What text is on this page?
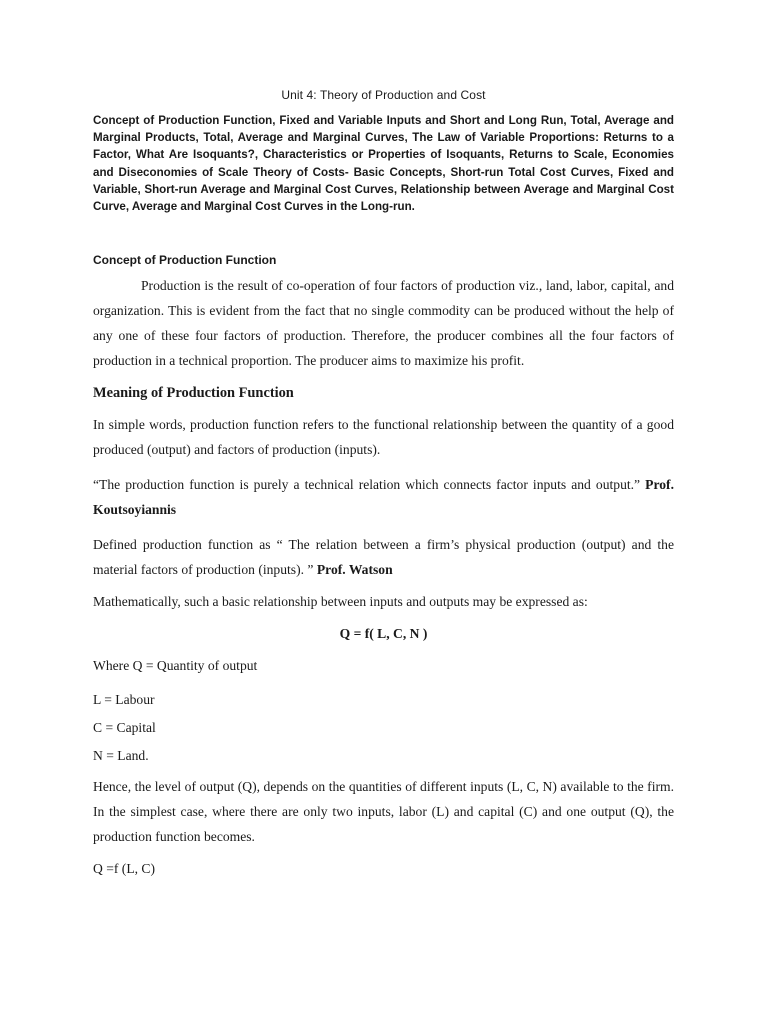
Unit 4: Theory of Production and Cost

Concept of Production Function, Fixed and Variable Inputs and Short and Long Run, Total, Average and Marginal Products, Total, Average and Marginal Curves, The Law of Variable Proportions: Returns to a Factor, What Are Isoquants?, Characteristics or Properties of Isoquants, Returns to Scale, Economies and Diseconomies of Scale Theory of Costs- Basic Concepts, Short-run Total Cost Curves, Fixed and Variable, Short-run Average and Marginal Cost Curves, Relationship between Average and Marginal Cost Curve, Average and Marginal Cost Curves in the Long-run.

Concept of Production Function

Production is the result of co-operation of four factors of production viz., land, labor, capital, and organization. This is evident from the fact that no single commodity can be produced without the help of any one of these four factors of production. Therefore, the producer combines all the four factors of production in a technical proportion. The producer aims to maximize his profit.

Meaning of Production Function

In simple words, production function refers to the functional relationship between the quantity of a good produced (output) and factors of production (inputs).

“The production function is purely a technical relation which connects factor inputs and output.” Prof. Koutsoyiannis

Defined production function as “ The relation between a firm’s physical production (output) and the material factors of production (inputs). ” Prof. Watson

Mathematically, such a basic relationship between inputs and outputs may be expressed as:

Q = f( L, C, N )

Where Q = Quantity of output

L = Labour

C = Capital

N = Land.

Hence, the level of output (Q), depends on the quantities of different inputs (L, C, N) available to the firm. In the simplest case, where there are only two inputs, labor (L) and capital (C) and one output (Q), the production function becomes.

Q =f (L, C)
